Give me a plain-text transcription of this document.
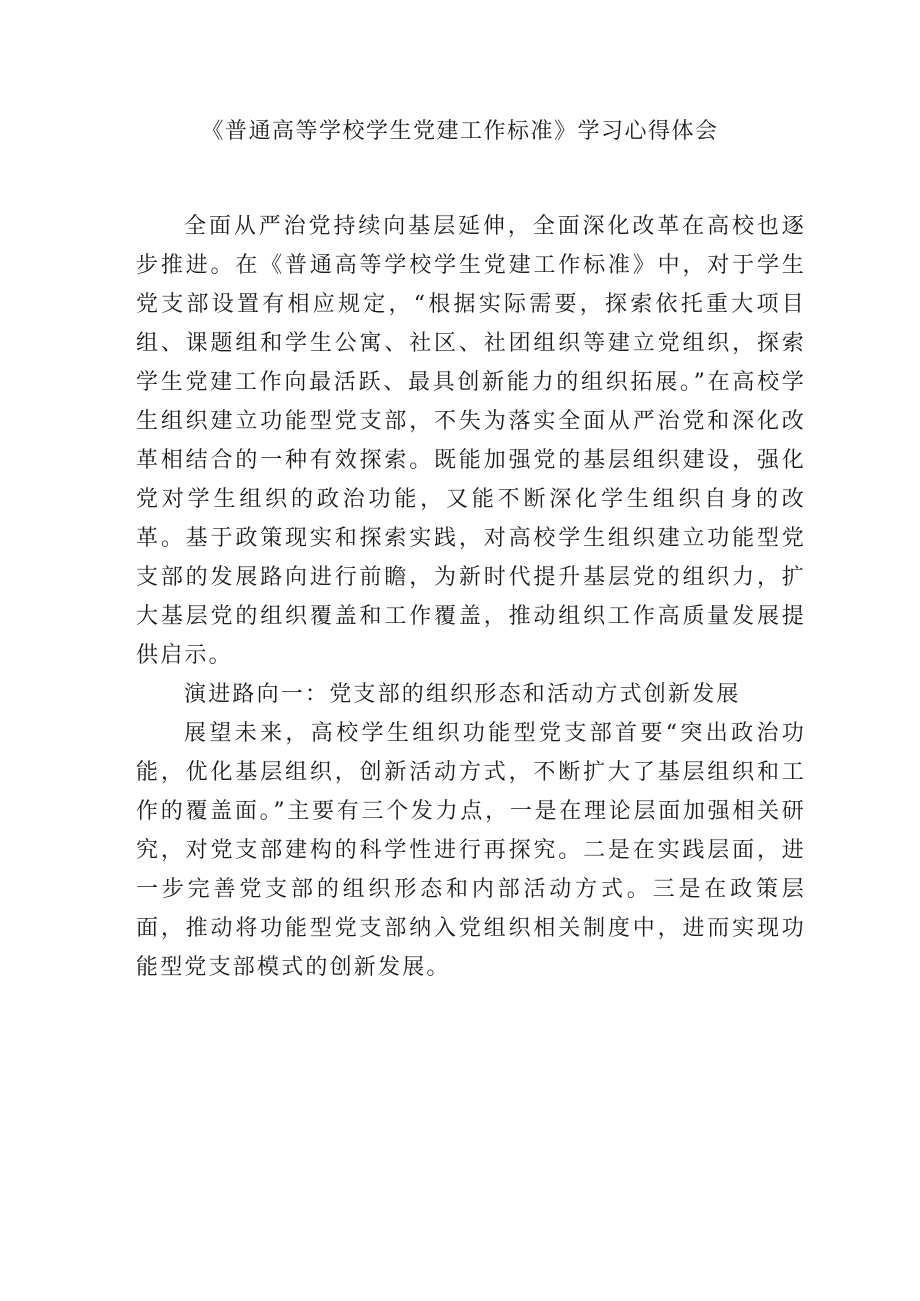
《普通高等学校学生党建工作标准》学习心得体会

全面从严治党持续向基层延伸，全面深化改革在高校也逐步推进。在《普通高等学校学生党建工作标准》中，对于学生党支部设置有相应规定，“根据实际需要，探索依托重大项目组、课题组和学生公寓、社区、社团组织等建立党组织，探索学生党建工作向最活跃、最具创新能力的组织拓展。”在高校学生组织建立功能型党支部，不失为落实全面从严治党和深化改革相结合的一种有效探索。既能加强党的基层组织建设，强化党对学生组织的政治功能，又能不断深化学生组织自身的改革。基于政策现实和探索实践，对高校学生组织建立功能型党支部的发展路向进行前瞻，为新时代提升基层党的组织力，扩大基层党的组织覆盖和工作覆盖，推动组织工作高质量发展提供启示。

演进路向一：党支部的组织形态和活动方式创新发展

展望未来，高校学生组织功能型党支部首要“突出政治功能，优化基层组织，创新活动方式，不断扩大了基层组织和工作的覆盖面。”主要有三个发力点，一是在理论层面加强相关研究，对党支部建构的科学性进行再探究。二是在实践层面，进一步完善党支部的组织形态和内部活动方式。三是在政策层面，推动将功能型党支部纳入党组织相关制度中，进而实现功能型党支部模式的创新发展。
